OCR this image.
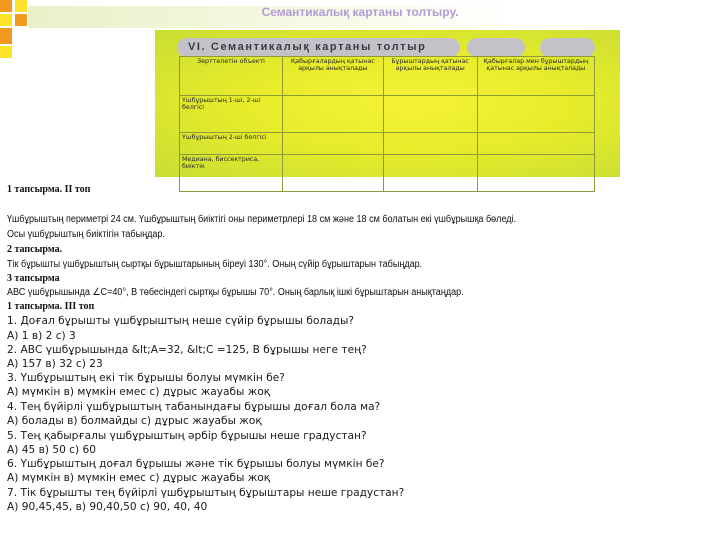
Семантикалық картаны толтыру.
VI. Семантикалық картаны толтыр
Зерттелетін объекті	Қабырғалардың қатынас арқылы анықталады	Бұрыштардың қатынас арқылы анықталады	Қабырғалар мен бұрыштардың қатынас арқылы анықталады
Үшбұрыштың 1-ші, 2-ші белгісі			
Үшбұрыштың 2-ші белгісі			
Медиана, биссектриса, биіктік			
1 тапсырма. ІІ топ
Үшбұрыштың периметрі 24 см. Үшбұрыштың биіктігі оны периметрлері 18 см және 18 см болатын екі үшбұрышқа бөледі.
Осы үшбұрыштың биіктігін табыңдар.
2 тапсырма.
Тік бұрышты үшбұрыштың сыртқы бұрыштарының біреуі 130°. Оның сүйір бұрыштарын табыңдар.
3 тапсырма
АВС үшбұрышында ∠С=40°, В төбесіндегі сыртқы бұрышы 70°. Оның барлық ішкі бұрыштарын анықтаңдар.
1 тапсырма. ІІІ топ
1. Доғал бұрышты үшбұрыштың неше сүйір бұрышы болады?
А) 1 в) 2 с) 3
2. АВС үшбұрышында &lt;A=32, &lt;C =125, В бұрышы неге тең?
А) 157 в) 32 с) 23
3. Үшбұрыштың екі тік бұрышы болуы мүмкін бе?
А) мүмкін в) мүмкін емес с) дұрыс жауабы жоқ
4. Тең бүйірлі үшбұрыштың табанындағы бұрышы доғал бола ма?
А) болады в) болмайды с) дұрыс жауабы жоқ
5. Тең қабырғалы үшбұрыштың әрбір бұрышы неше градустан?
А) 45 в) 50 с) 60
6. Үшбұрыштың доғал бұрышы және тік бұрышы болуы мүмкін бе?
А) мүмкін в) мүмкін емес с) дұрыс жауабы жоқ
7. Тік бұрышты тең бүйірлі үшбұрыштың бұрыштары неше градустан?
А) 90,45,45, в) 90,40,50 с) 90, 40, 40
